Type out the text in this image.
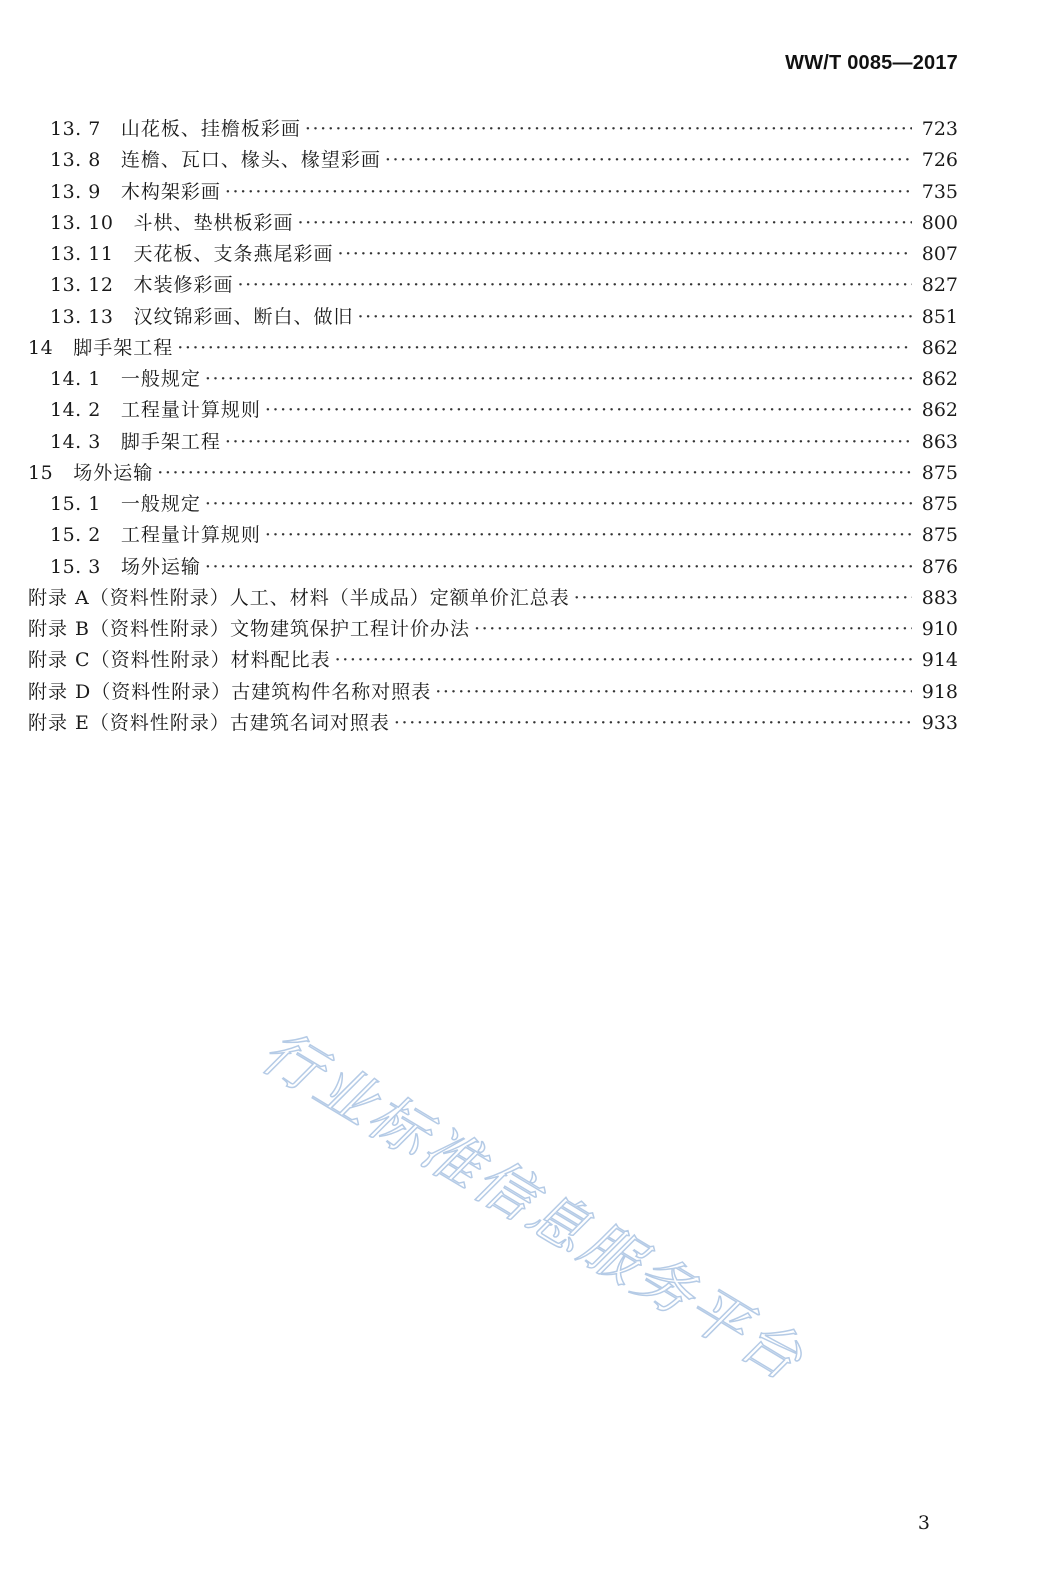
WW/T 0085—2017
13. 7 山花板、挂檐板彩画 ·····	723
13. 8 连檐、瓦口、椽头、椽望彩画 ·····	726
13. 9 木构架彩画 ·····	735
13. 10 斗栱、垫栱板彩画 ·····	800
13. 11 天花板、支条燕尾彩画 ·····	807
13. 12 木装修彩画 ·····	827
13. 13 汉纹锦彩画、断白、做旧 ·····	851
14 脚手架工程 ·····	862
14. 1 一般规定 ·····	862
14. 2 工程量计算规则 ·····	862
14. 3 脚手架工程 ·····	863
15 场外运输 ·····	875
15. 1 一般规定 ·····	875
15. 2 工程量计算规则 ·····	875
15. 3 场外运输 ·····	876
附录 A（资料性附录）人工、材料（半成品）定额单价汇总表 ·····	883
附录 B（资料性附录）文物建筑保护工程计价办法 ·····	910
附录 C（资料性附录）材料配比表 ·····	914
附录 D（资料性附录）古建筑构件名称对照表 ·····	918
附录 E（资料性附录）古建筑名词对照表 ·····	933
行业标准信息服务平台
3
